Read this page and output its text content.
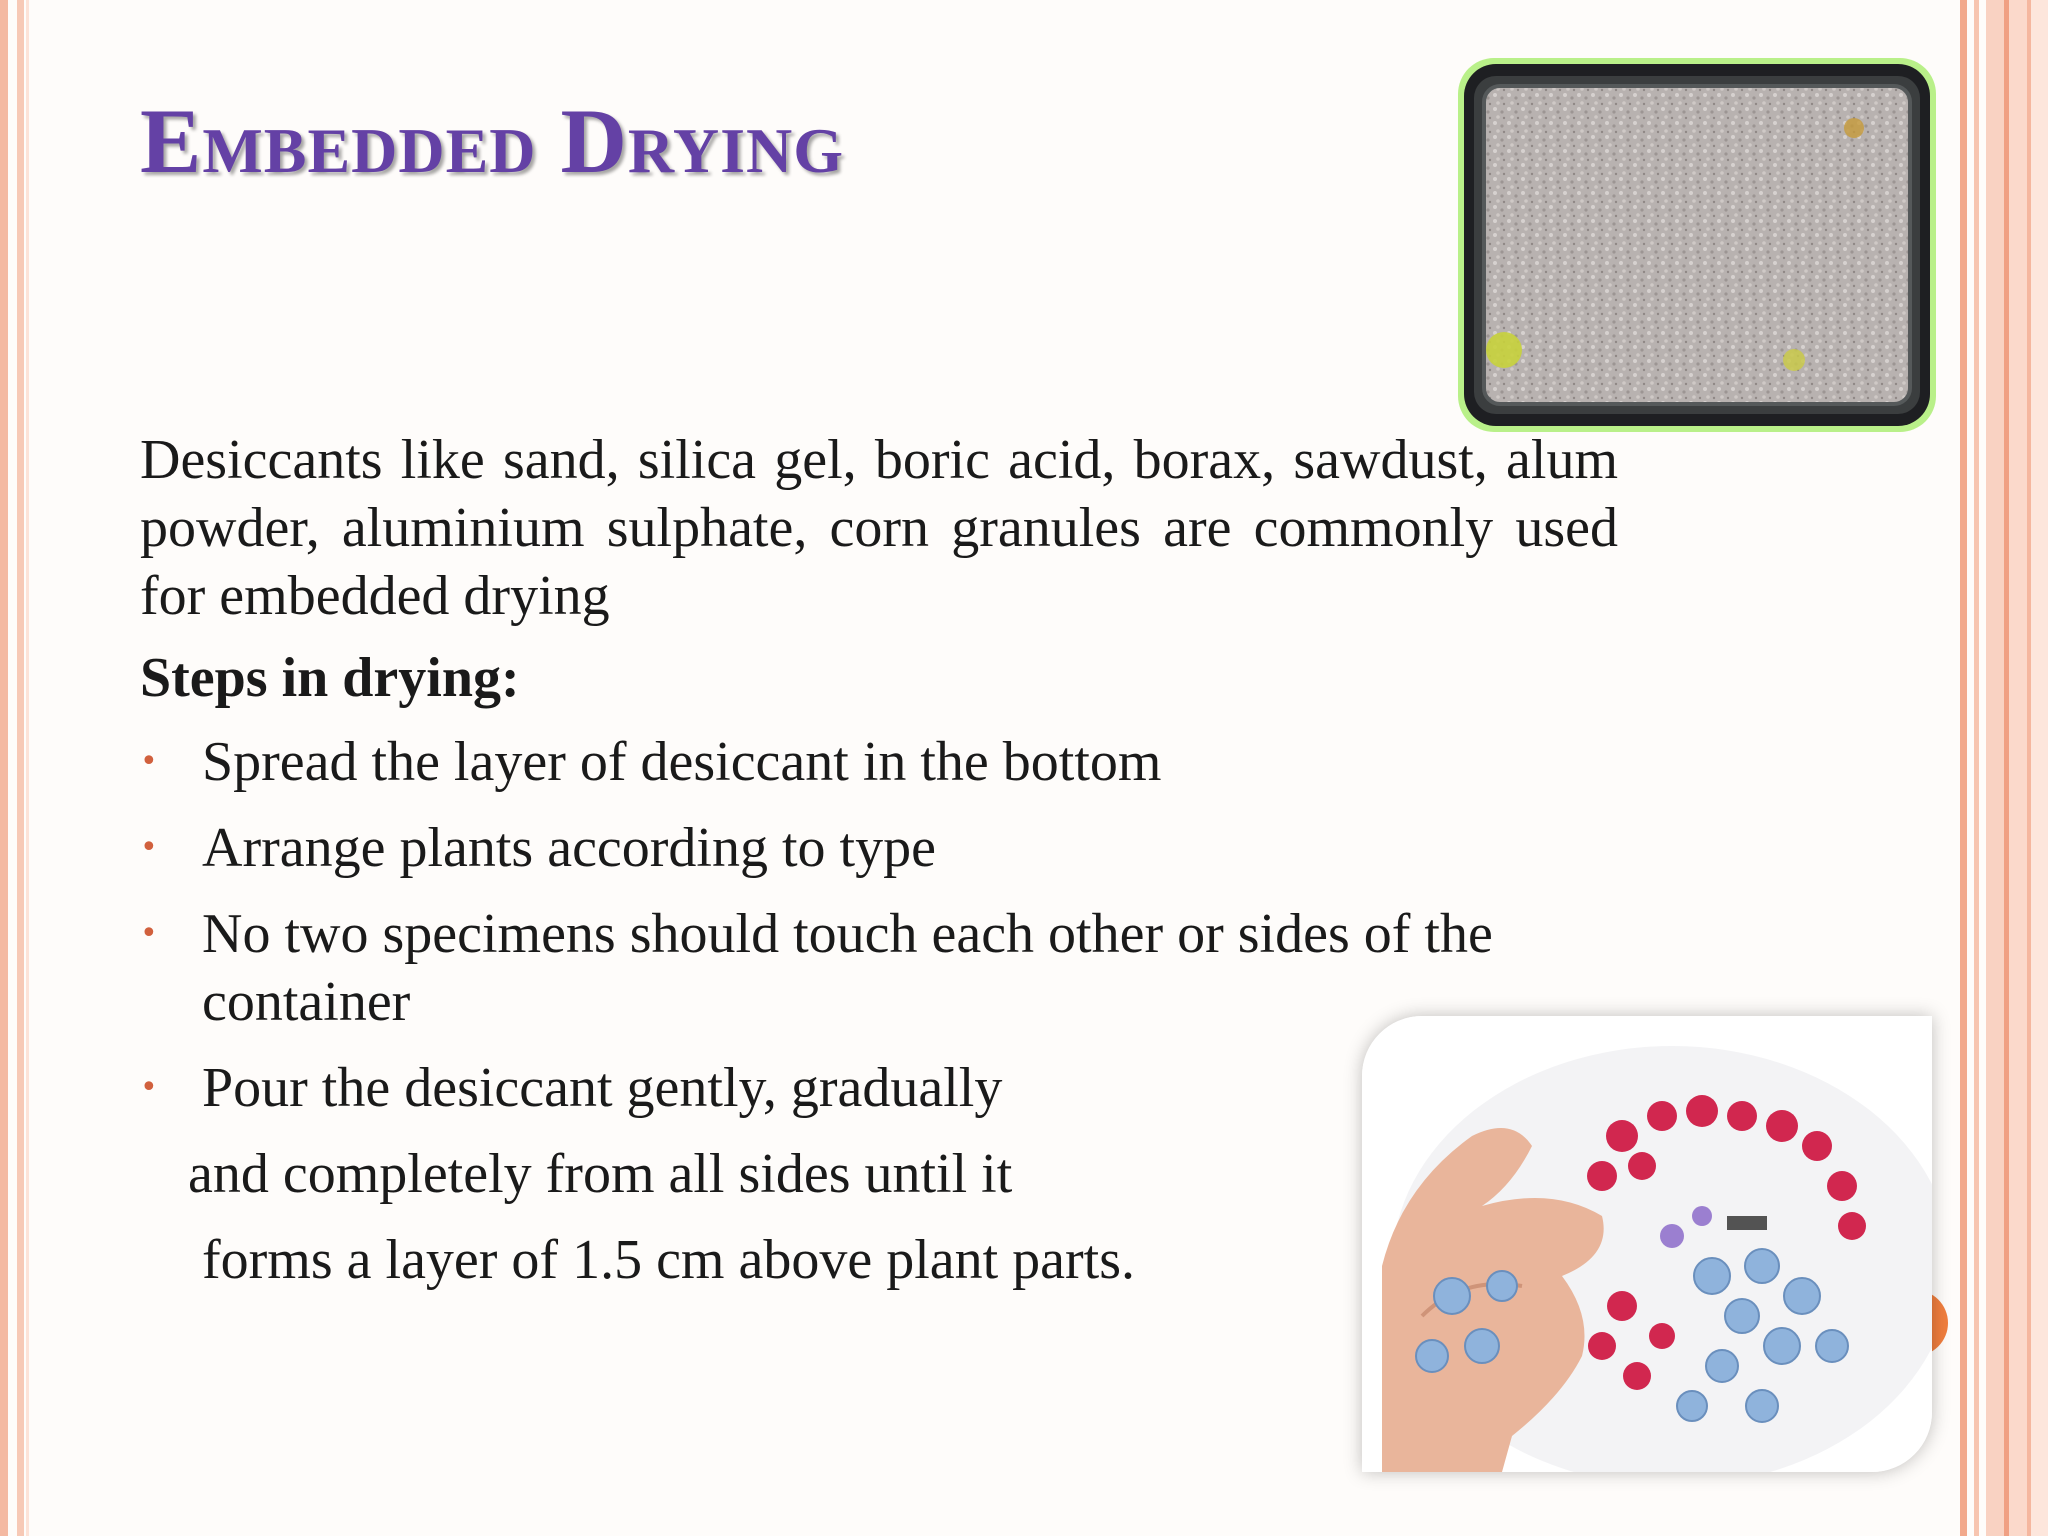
Embedded Drying

Desiccants like sand, silica gel, boric acid, borax, sawdust, alum powder, aluminium sulphate, corn granules are commonly used for embedded drying

Steps in drying:

• Spread the layer of desiccant in the bottom
• Arrange plants according to type
• No two specimens should touch each other or sides of the container
• Pour the desiccant gently, gradually

and completely from all sides until it

forms a layer of 1.5 cm above plant parts.
